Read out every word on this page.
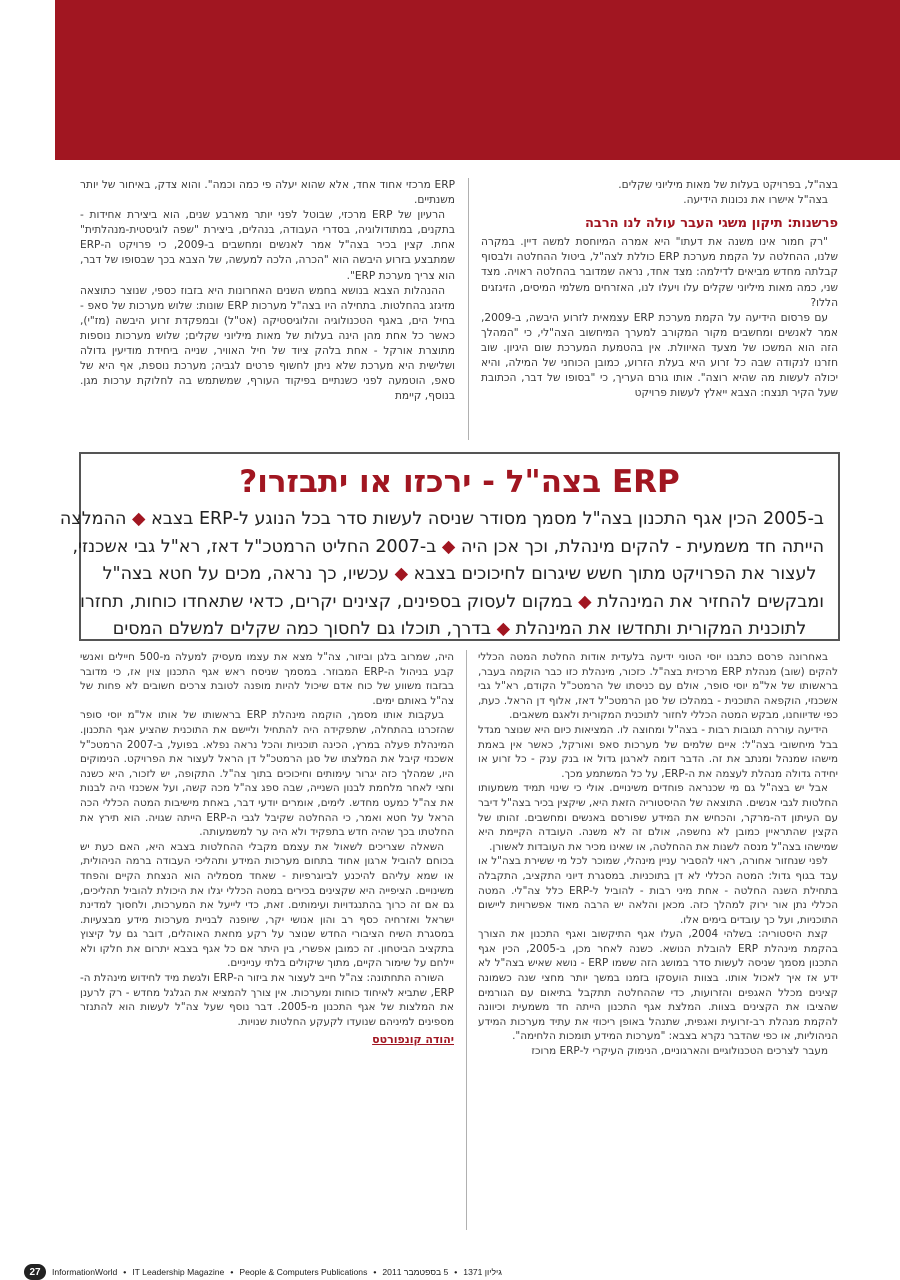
ERP מרכזי אחוד אחד, אלא שהוא יעלה פי כמה וכמה". והוא צדק, באיחור של יותר משנתיים.

הרעיון של ERP מרכזי, שבוטל לפני יותר מארבע שנים, הוא ביצירת אחידות - בתקנים, במתודולוגיה, בסדרי העבודה, בנהלים, ביצירת "שפה לוגיסטית-מנהלתית" אחת. קצין בכיר בצה"ל אמר לאנשים ומחשבים ב-2009, כי פרויקט ה-ERP שמתבצע בזרוע היבשה הוא "הכרה, הלכה למעשה, של הצבא בכך שבסופו של דבר, הוא צריך מערכת ERP".

ההנהלות הצבא בנושא בחמש השנים האחרונות היא בזבוז כספי, שנוצר כתוצאה מזיגזג בהחלטות. בתחילה היו בצה"ל מערכות ERP שונות: שלוש מערכות של סאפ - בחיל הים, באגף הטכנולוגיה והלוגיסטיקה (אט"ל) ובמפקדת זרוע היבשה (מז"י), כאשר כל אחת מהן הינה בעלות של מאות מיליוני שקלים; שלוש מערכות נוספות מתוצרת אורקל - אחת בלהק ציוד של חיל האוויר, שנייה ביחידת מודיעין גדולה ושלישית היא מערכת שלא ניתן לחשוף פרטים לגביה; מערכת נוספת, אף היא של סאפ, הוטמעה לפני כשנתיים בפיקוד העורף, שמשתמש בה לחלוקת ערכות מגן. בנוסף, קיימת

בצה"ל, בפרויקט בעלות של מאות מיליוני שקלים.

בצה"ל אישרו את נכונות הידיעה.

פרשנות: תיקון משגי העבר עולה לנו הרבה

"רק חמור אינו משנה את דעתו" היא אמרה המיוחסת למשה דיין. במקרה שלנו, ההחלטה על הקמת מערכת ERP כוללת לצה"ל, ביטול ההחלטה ולבסוף קבלתה מחדש מביאים לדילמה: מצד אחד, נראה שמדובר בהחלטה ראויה. מצד שני, כמה מאות מיליוני שקלים עלו ויעלו לנו, האזרחים משלמי המיסים, הזיגזגים הללו?

עם פרסום הידיעה על הקמת מערכת ERP עצמאית לזרוע היבשה, ב-2009, אמר לאנשים ומחשבים מקור המקורב למערך המיחשוב הצה"לי, כי "המהלך הזה הוא המשכו של מצעד האיוולת. אין בהטמעת המערכת שום היגיון. שוב חזרנו לנקודה שבה כל זרוע היא בעלת הזרוע, כמובן הכוחני של המילה, והיא יכולה לעשות מה שהיא רוצה". אותו גורם העריך, כי "בסופו של דבר, הכתובת שעל הקיר תנצח: הצבא ייאלץ לעשות פרויקט

ERP בצה"ל - ירכזו או יתבזרו?
ב-2005 הכין אגף התכנון בצה"ל מסמך מסודר שניסה לעשות סדר בכל הנוגע ל-ERP בצבא ◆ ההמלצה
הייתה חד משמעית - להקים מינהלת, וכך אכן היה ◆ ב-2007 החליט הרמטכ"ל דאז, רא"ל גבי אשכנזי,
לעצור את הפרויקט מתוך חשש שיגרום לחיכוכים בצבא ◆ עכשיו, כך נראה, מכים על חטא בצה"ל
ומבקשים להחזיר את המינהלת ◆ במקום לעסוק בספינים, קצינים יקרים, כדאי שתאחדו כוחות, תחזרו
לתוכנית המקורית ותחדשו את המינהלת ◆ בדרך, תוכלו גם לחסוך כמה שקלים למשלם המסים

באחרונה פרסם כתבנו יוסי הטוני ידיעה בלעדית אודות החלטת המטה הכללי להקים (שוב) מנהלת ERP מרכזית בצה"ל. כזכור, מינהלת כזו כבר הוקמה בעבר, בראשותו של אל"מ יוסי סופר, אולם עם כניסתו של הרמטכ"ל הקודם, רא"ל גבי אשכנזי, הוקפאה התוכנית - במהלכו של סגן הרמטכ"ל דאז, אלוף דן הראל. כעת, כפי שדיווחנו, מבקש המטה הכללי לחזור לתוכנית המקורית ולאגם משאבים.

הידיעה עוררה תגובות רבות - בצה"ל ומחוצה לו. המציאות כיום היא שנוצר מגדל בבל מיחשובי בצה"ל: איים שלמים של מערכות סאפ ואורקל, כאשר אין באמת מישהו שמנהל ומנתב את זה. הדבר דומה לארגון גדול או בנק ענק - כל זרוע או יחידה גדולה מנהלת לעצמה את ה-ERP, על כל המשתמע מכך.

אבל יש בצה"ל גם מי שכנראה פוחדים משינויים. אולי כי שינוי תמיד משמעותו החלטות לגבי אנשים. התוצאה של ההיסטוריה הזאת היא, שיקצין בכיר בצה"ל דיבר עם העיתון דה-מרקר, והכחיש את המידע שפורסם באנשים ומחשבים. זהותו של הקצין שהתראיין כמובן לא נחשפה, אולם זה לא משנה. העובדה הקיימת היא שמישהו בצה"ל מנסה לשנות את ההחלטה, או שאינו מכיר את העובדות לאשורן.

לפני שנחזור אחורה, ראוי להסביר עניין מינהלי, שמוכר לכל מי ששירת בצה"ל או עבד בגוף גדול: המטה הכללי לא דן בתוכניות. במסגרת דיוני התקציב, התקבלה בתחילת השנה החלטה - אחת מיני רבות - להוביל ל-ERP כלל צה"לי. המטה הכללי נתן אור ירוק למהלך כזה. מכאן והלאה יש הרבה מאוד אפשרויות ליישום התוכניות, ועל כך עובדים בימים אלו.

קצת היסטוריה: בשלהי 2004, העלו אגף התיקשוב ואגף התכנון את הצורך בהקמת מינהלת ERP להובלת הנושא. כשנה לאחר מכן, ב-2005, הכין אגף התכנון מסמך שניסה לעשות סדר במושג הזה ששמו ERP - נושא שאיש בצה"ל לא ידע אז איך לאכול אותו. בצוות הועסקו בזמנו במשך יותר מחצי שנה כשמונה קצינים מכלל האגפים והזרועות, כדי שההחלטה תתקבל בתיאום עם הגורמים שהציבו את הקצינים בצוות. המלצת אגף התכנון הייתה חד משמעית וכיוונה להקמת מנהלת רב-זרועית ואגפית, שתנהל באופן ריכוזי את עתיד מערכות המידע הניהוליות, או כפי שהדבר נקרא בצבא: "מערכות המידע תומכות הלחימה".

מעבר לצרכים הטכנולוגיים והארגוניים, הנימוק העיקרי ל-ERP מרוכז

היה, שמרוב בלגן וביזור, צה"ל מצא את עצמו מעסיק למעלה מ-500 חיילים ואנשי קבע בניהול ה-ERP המבוזר. במסמך שניסח ראש אגף התכנון צוין אז, כי מדובר בבזבוז משווע של כוח אדם שיכול להיות מופנה לטובת צרכים חשובים לא פחות של צה"ל באותם ימים.

בעקבות אותו מסמך, הוקמה מינהלת ERP בראשותו של אותו אל"מ יוסי סופר שהזכרנו בהתחלה, שתפקידה היה להתחיל וליישם את התוכנית שהציע אגף התכנון. המינהלת פעלה במרץ, הכינה תוכניות והכל נראה נפלא. בפועל, ב-2007 הרמטכ"ל אשכנזי קיבל את המלצתו של סגן הרמטכ"ל דן הראל לעצור את הפרויקט. הנימוקים היו, שמהלך כזה יגרור עימותים וחיכוכים בתוך צה"ל. התקופה, יש לזכור, היא כשנה וחצי לאחר מלחמת לבנון השנייה, שבה ספג צה"ל מכה קשה, ועל אשכנזי היה לבנות את צה"ל כמעט מחדש. לימים, אומרים יודעי דבר, באחת מישיבות המטה הכללי הכה הראל על חטא ואמר, כי ההחלטה שקיבל לגבי ה-ERP הייתה שגויה. הוא תירץ את החלטתו בכך שהיה חדש בתפקיד ולא היה ער למשמעותה.

השאלה שצריכים לשאול את עצמם מקבלי ההחלטות בצבא היא, האם כעת יש בכוחם להוביל ארגון אחוד בתחום מערכות המידע ותהליכי העבודה ברמה הניהולית, או שמא עליהם להיכנע לביוגרפיות - שאחד מסמליה הוא הנצחת הקיים והפחד משינויים. הציפייה היא שקצינים בכירים במטה הכללי יגלו את היכולת להוביל תהליכים, גם אם זה כרוך בהתנגדויות ועימותים. זאת, כדי לייעל את המערכות, ולחסוך למדינת ישראל ואזרחיה כסף רב והון אנושי יקר, שיופנה לבניית מערכות מידע מבצעיות. במסגרת השיח הציבורי החדש שנוצר על רקע מחאת האוהלים, דובר גם על קיצוץ בתקציב הביטחון. זה כמובן אפשרי, בין היתר אם כל אגף בצבא יתרום את חלקו ולא יילחם על שימור הקיים, מתוך שיקולים בלתי ענייניים.

השורה התחתונה: צה"ל חייב לעצור את ביזור ה-ERP ולגשת מיד לחידוש מינהלת ה-ERP, שתביא לאיחוד כוחות ומערכות. אין צורך להמציא את הגלגל מחדש - רק לרענן את המלצות של אגף התכנון מ-2005. דבר נוסף שעל צה"ל לעשות הוא להתנזר מספינים למיניהם שנועדו לקעקע החלטות שנויות.

יהודה קונפורטס

27	InformationWorld • IT Leadership Magazine • People & Computers Publications • 5 בספטמבר 2011 • גיליון 1371
